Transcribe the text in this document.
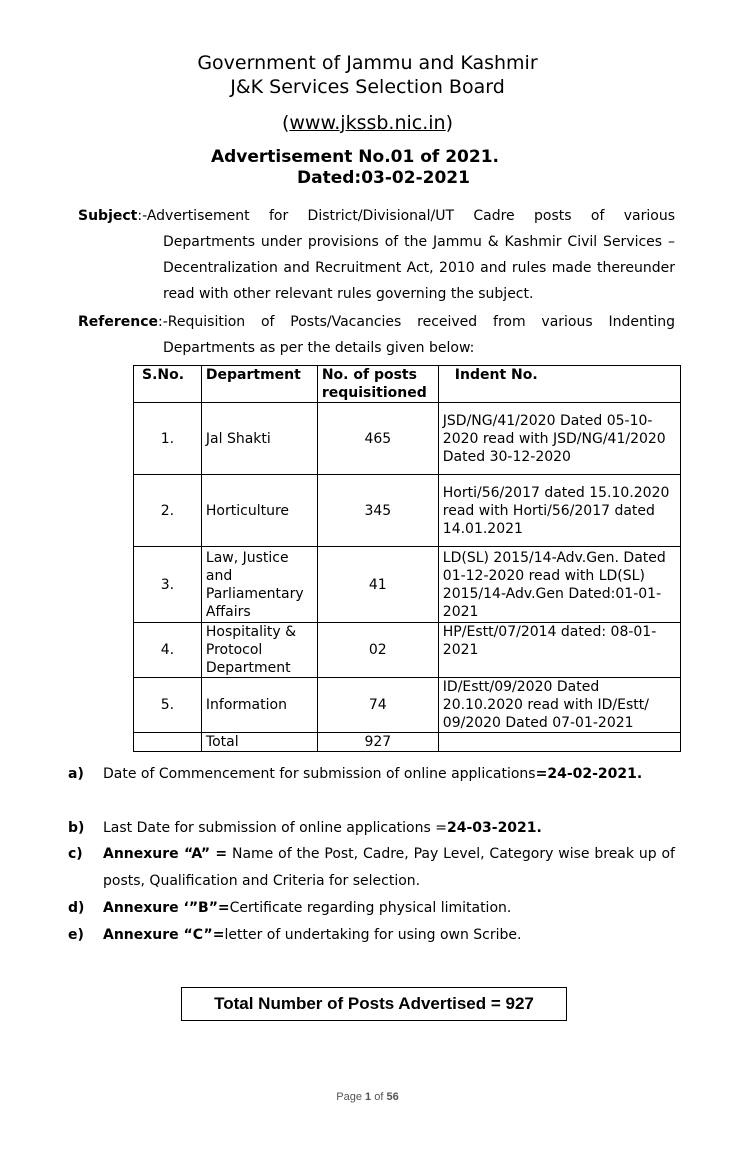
Government of Jammu and Kashmir
J&K Services Selection Board
(www.jkssb.nic.in)
Advertisement No.01 of 2021.
Dated:03-02-2021
Subject:-Advertisement for District/Divisional/UT Cadre posts of various Departments under provisions of the Jammu & Kashmir Civil Services – Decentralization and Recruitment Act, 2010 and rules made thereunder read with other relevant rules governing the subject.
Reference:-Requisition of Posts/Vacancies received from various Indenting Departments as per the details given below:
S.No.	Department	No. of posts requisitioned	Indent No.
1.	Jal Shakti	465	JSD/NG/41/2020 Dated 05-10-2020 read with JSD/NG/41/2020 Dated 30-12-2020
2.	Horticulture	345	Horti/56/2017 dated 15.10.2020 read with Horti/56/2017 dated 14.01.2021
3.	Law, Justice and Parliamentary Affairs	41	LD(SL) 2015/14-Adv.Gen. Dated 01-12-2020 read with LD(SL) 2015/14-Adv.Gen Dated:01-01-2021
4.	Hospitality & Protocol Department	02	HP/Estt/07/2014 dated: 08-01-2021
5.	Information	74	ID/Estt/09/2020 Dated 20.10.2020 read with ID/Estt/ 09/2020 Dated 07-01-2021
	Total	927	
a) Date of Commencement for submission of online applications=24-02-2021.
b) Last Date for submission of online applications =24-03-2021.
c) Annexure “A” = Name of the Post, Cadre, Pay Level, Category wise break up of posts, Qualification and Criteria for selection.
d) Annexure ‘”B”=Certificate regarding physical limitation.
e) Annexure “C”=letter of undertaking for using own Scribe.
Total Number of Posts Advertised = 927
Page 1 of 56
